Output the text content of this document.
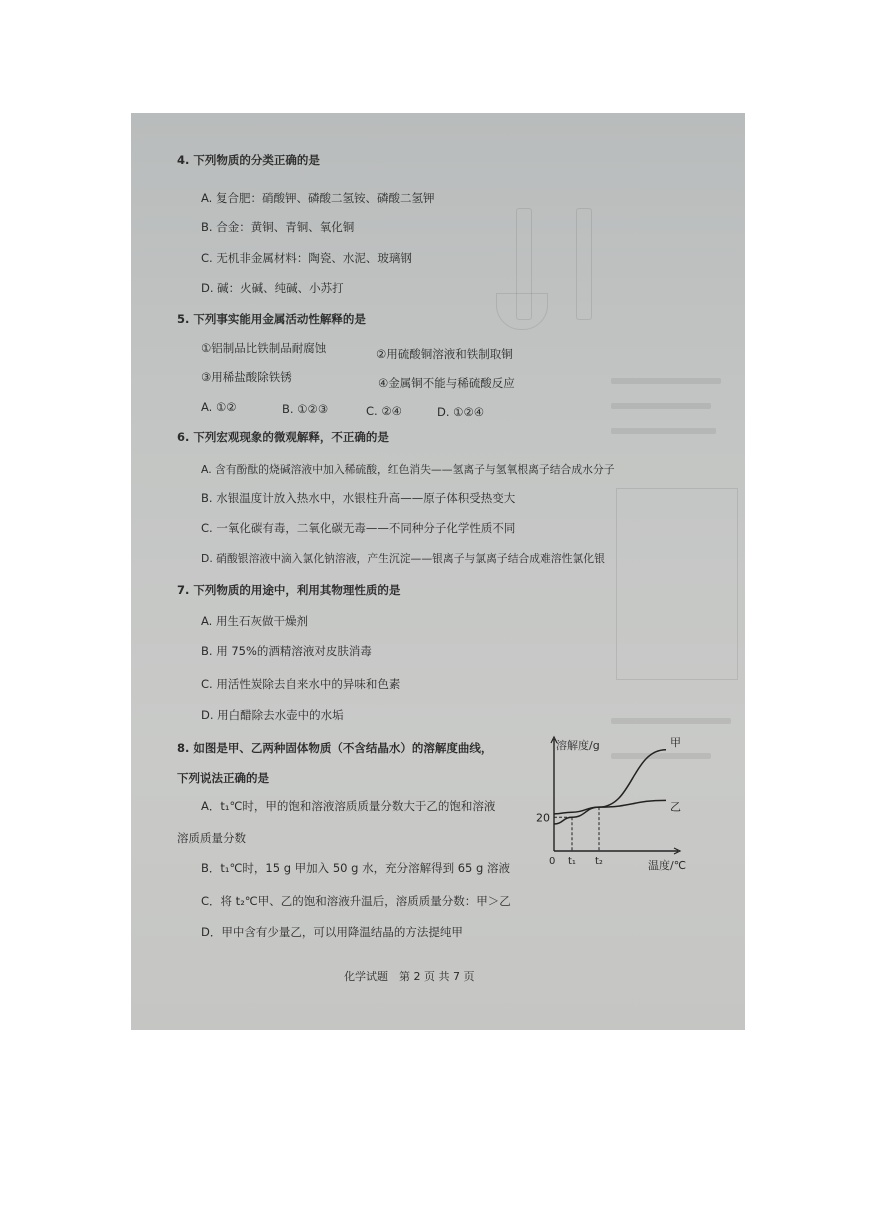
4. 下列物质的分类正确的是
A. 复合肥：硝酸钾、磷酸二氢铵、磷酸二氢钾
B. 合金：黄铜、青铜、氧化铜
C. 无机非金属材料：陶瓷、水泥、玻璃钢
D. 碱：火碱、纯碱、小苏打
5. 下列事实能用金属活动性解释的是
①铝制品比铁制品耐腐蚀	②用硫酸铜溶液和铁制取铜
③用稀盐酸除铁锈	④金属铜不能与稀硫酸反应
A. ①②	B. ①②③	C. ②④	D. ①②④
6. 下列宏观现象的微观解释，不正确的是
A. 含有酚酞的烧碱溶液中加入稀硫酸，红色消失——氢离子与氢氧根离子结合成水分子
B. 水银温度计放入热水中，水银柱升高——原子体积受热变大
C. 一氧化碳有毒，二氧化碳无毒——不同种分子化学性质不同
D. 硝酸银溶液中滴入氯化钠溶液，产生沉淀——银离子与氯离子结合成难溶性氯化银
7. 下列物质的用途中，利用其物理性质的是
A. 用生石灰做干燥剂
B. 用 75%的酒精溶液对皮肤消毒
C. 用活性炭除去自来水中的异味和色素
D. 用白醋除去水壶中的水垢
8. 如图是甲、乙两种固体物质（不含结晶水）的溶解度曲线，
下列说法正确的是
A．t₁℃时，甲的饱和溶液溶质质量分数大于乙的饱和溶液
溶质质量分数
B．t₁℃时，15 g 甲加入 50 g 水，充分溶解得到 65 g 溶液
C．将 t₂℃甲、乙的饱和溶液升温后，溶质质量分数：甲＞乙
D．甲中含有少量乙，可以用降温结晶的方法提纯甲
甲
乙
20
t₁ t₂
溶解度/g
温度/℃
0
化学试题　第 2 页 共 7 页
